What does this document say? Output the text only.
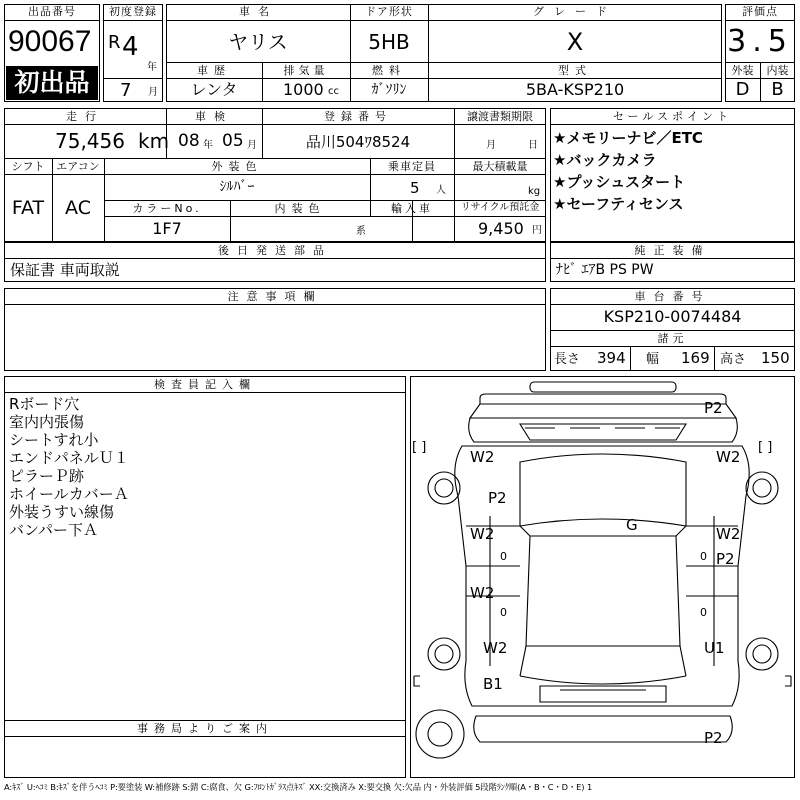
出品番号
90067
初出品
初度登録
R 4
年
7 月
車名
ヤリス
ドア形状
5HB
グレード
X
車歴
レンタ
排気量
1000 cc
燃料
ｶﾞｿﾘﾝ
型式
5BA-KSP210
評価点
3.5
外装	内装
D	B
走行
75,456 km
車検
08 年 05 月
登録番号
品川504ﾜ8524
譲渡書類期限
月	日
シフト
FAT
エアコン
AC
外装色
ｼﾙﾊﾞｰ
乗車定員
5 人
最大積載量
kg
カラーNo.
1F7
内装色
系
輸入車	リサイクル預託金
9,450 円
セールスポイント
★メモリーナビ／ETC
★バックカメラ
★プッシュスタート
★セーフティセンス
後日発送部品
保証書 車両取説
純正装備
ﾅﾋﾞ ｴｱB PS PW
注意事項欄	車台番号
KSP210-0074484
諸元
長さ 394 幅 169 高さ 150
検査員記入欄
Rボード穴
室内内張傷
シートすれ小
エンドパネルＵ１
ピラーＰ跡
ホイールカバーＡ
外装うすい線傷
バンパー下Ａ
事務局よりご案内
P2
[ ]	[ ]
W2	W2
P2
G
W2	W2
0	0 P2
W2
0	0
W2	U1
B1
P2
A:ｷｽﾞ U:ﾍｺﾐ B:ｷｽﾞを伴うﾍｺﾐ P:要塗装 W:補修跡 S:錆 C:腐食、欠 G:ﾌﾛﾝﾄｶﾞﾗｽ点ｷｽﾞ XX:交換済み X:要交換 欠:欠品 内・外装評価 5段階ﾗﾝｸ順(A・B・C・D・E) 1
